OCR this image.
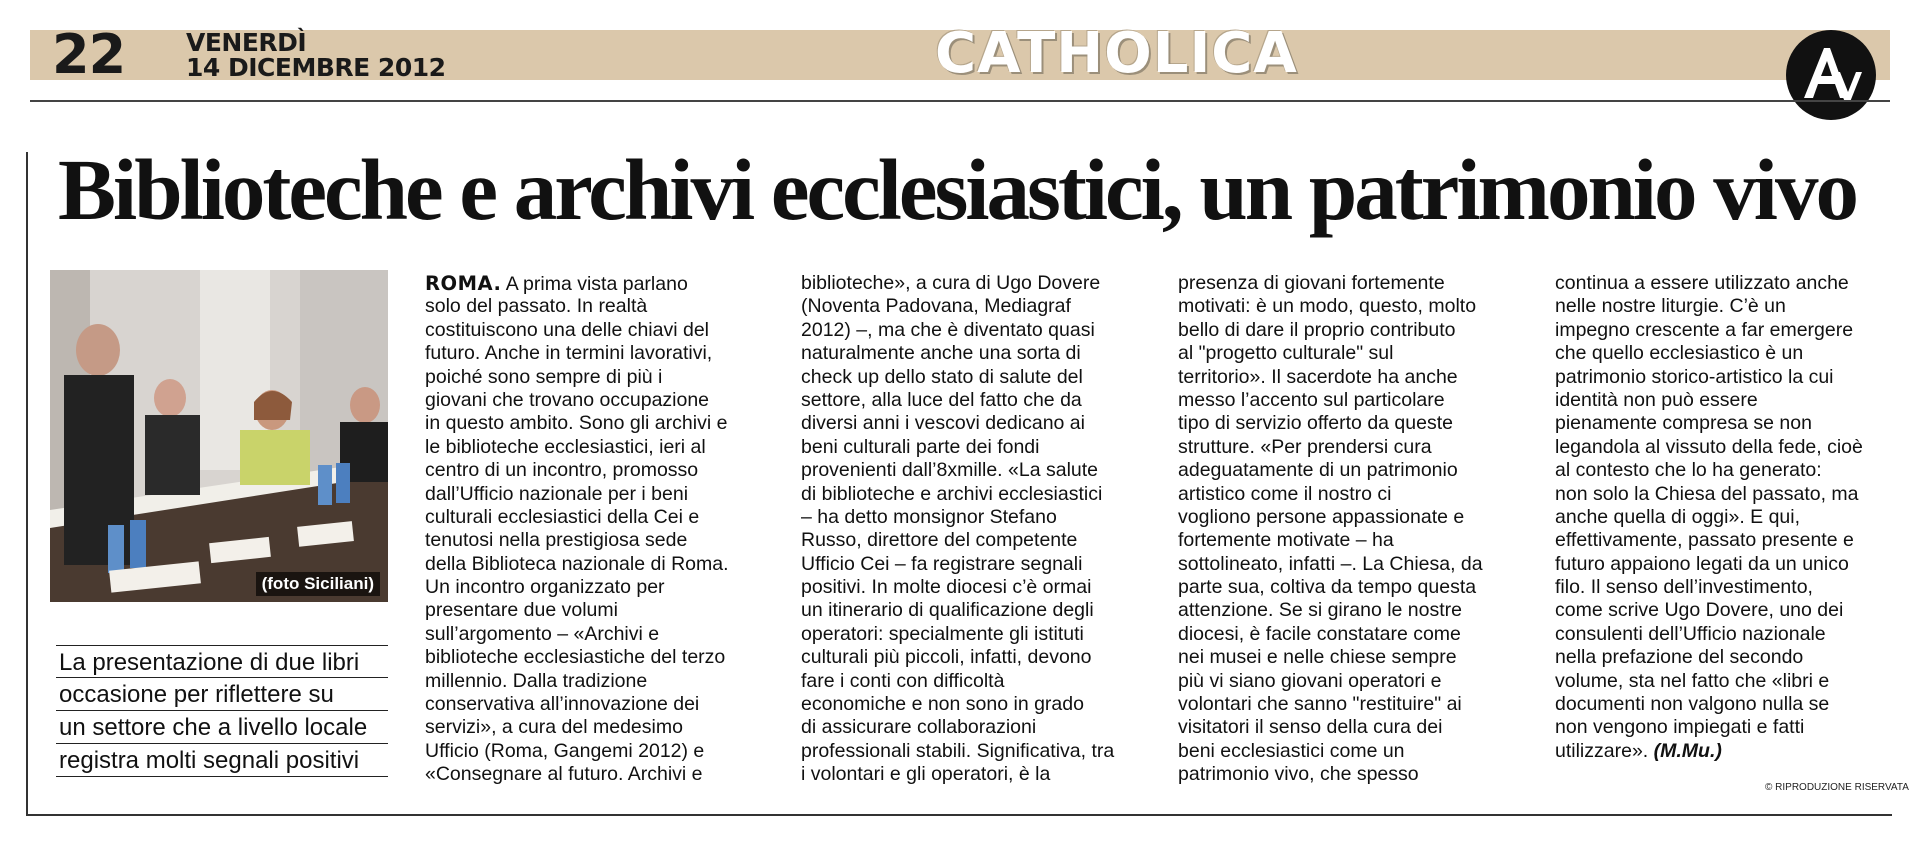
22 VENERDÌ
14 DICEMBRE 2012	CATHOLICA
Biblioteche e archivi ecclesiastici, un patrimonio vivo
(foto Siciliani)
La presentazione di due libri
occasione per riflettere su
un settore che a livello locale
registra molti segnali positivi
ROMA. A prima vista parlano
solo del passato. In realtà
costituiscono una delle chiavi del
futuro. Anche in termini lavorativi,
poiché sono sempre di più i
giovani che trovano occupazione
in questo ambito. Sono gli archivi e
le biblioteche ecclesiastici, ieri al
centro di un incontro, promosso
dall’Ufficio nazionale per i beni
culturali ecclesiastici della Cei e
tenutosi nella prestigiosa sede
della Biblioteca nazionale di Roma.
Un incontro organizzato per
presentare due volumi
sull’argomento – «Archivi e
biblioteche ecclesiastiche del terzo
millennio. Dalla tradizione
conservativa all’innovazione dei
servizi», a cura del medesimo
Ufficio (Roma, Gangemi 2012) e
«Consegnare al futuro. Archivi e
biblioteche», a cura di Ugo Dovere
(Noventa Padovana, Mediagraf
2012) –, ma che è diventato quasi
naturalmente anche una sorta di
check up dello stato di salute del
settore, alla luce del fatto che da
diversi anni i vescovi dedicano ai
beni culturali parte dei fondi
provenienti dall’8xmille. «La salute
di biblioteche e archivi ecclesiastici
– ha detto monsignor Stefano
Russo, direttore del competente
Ufficio Cei – fa registrare segnali
positivi. In molte diocesi c’è ormai
un itinerario di qualificazione degli
operatori: specialmente gli istituti
culturali più piccoli, infatti, devono
fare i conti con difficoltà
economiche e non sono in grado
di assicurare collaborazioni
professionali stabili. Significativa, tra
i volontari e gli operatori, è la
presenza di giovani fortemente
motivati: è un modo, questo, molto
bello di dare il proprio contributo
al "progetto culturale" sul
territorio». Il sacerdote ha anche
messo l’accento sul particolare
tipo di servizio offerto da queste
strutture. «Per prendersi cura
adeguatamente di un patrimonio
artistico come il nostro ci
vogliono persone appassionate e
fortemente motivate – ha
sottolineato, infatti –. La Chiesa, da
parte sua, coltiva da tempo questa
attenzione. Se si girano le nostre
diocesi, è facile constatare come
nei musei e nelle chiese sempre
più vi siano giovani operatori e
volontari che sanno "restituire" ai
visitatori il senso della cura dei
beni ecclesiastici come un
patrimonio vivo, che spesso
continua a essere utilizzato anche
nelle nostre liturgie. C’è un
impegno crescente a far emergere
che quello ecclesiastico è un
patrimonio storico-artistico la cui
identità non può essere
pienamente compresa se non
legandola al vissuto della fede, cioè
al contesto che lo ha generato:
non solo la Chiesa del passato, ma
anche quella di oggi». E qui,
effettivamente, passato presente e
futuro appaiono legati da un unico
filo. Il senso dell’investimento,
come scrive Ugo Dovere, uno dei
consulenti dell’Ufficio nazionale
nella prefazione del secondo
volume, sta nel fatto che «libri e
documenti non valgono nulla se
non vengono impiegati e fatti
utilizzare». (M.Mu.)
© RIPRODUZIONE RISERVATA
